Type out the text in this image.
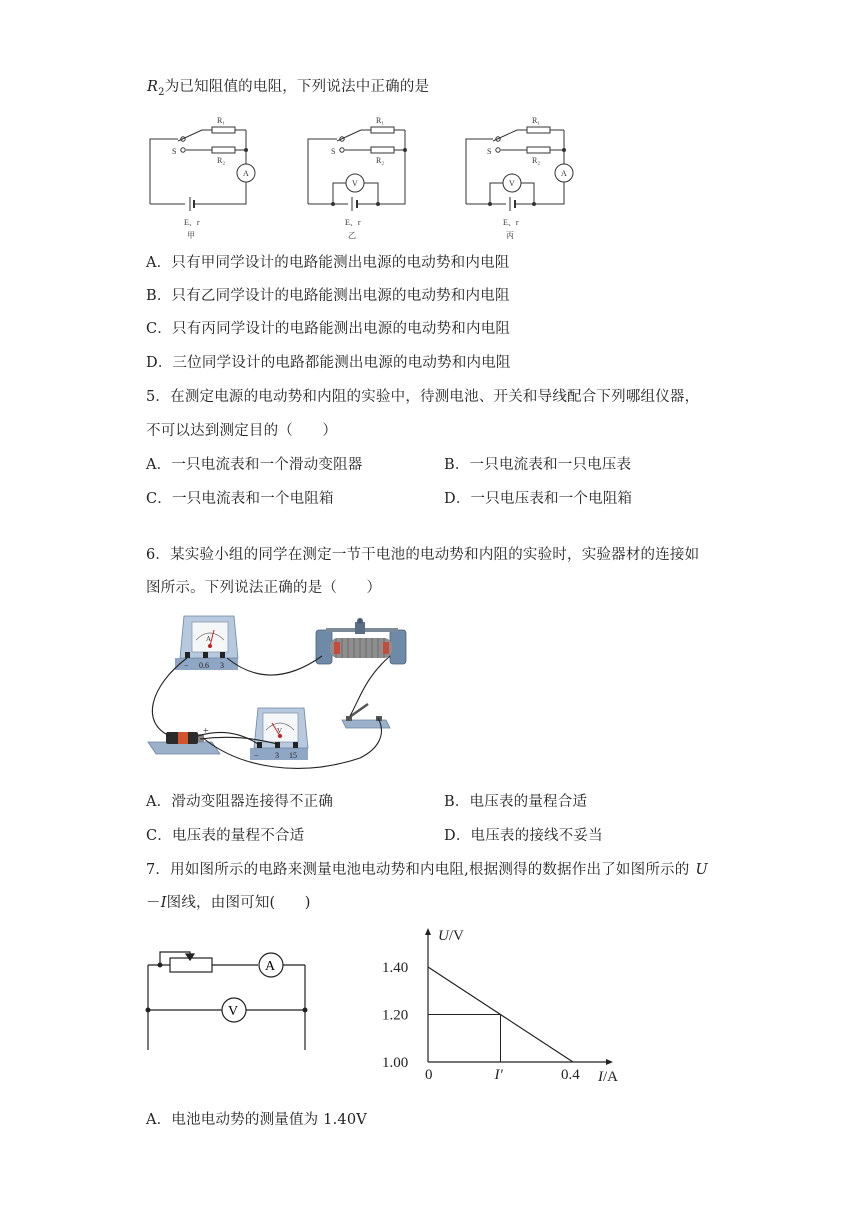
$R_2$为已知阻值的电阻，下列说法中正确的是
R₁
R₂
S
A
E、r
甲
R₁
R₂
S
V
E、r
乙
R₁
R₂
S
A
V
E、r
丙
A．只有甲同学设计的电路能测出电源的电动势和内电阻
B．只有乙同学设计的电路能测出电源的电动势和内电阻
C．只有丙同学设计的电路能测出电源的电动势和内电阻
D．三位同学设计的电路都能测出电源的电动势和内电阻
5．在测定电源的电动势和内阻的实验中，待测电池、开关和导线配合下列哪组仪器，
不可以达到测定目的（　　）
A．一只电流表和一个滑动变阻器	B．一只电流表和一只电压表
C．一只电流表和一个电阻箱	D．一只电压表和一个电阻箱
6．某实验小组的同学在测定一节干电池的电动势和内阻的实验时，实验器材的连接如
图所示。下列说法正确的是（　　）
A
− 0.6 3
V
− 3 15
+
A．滑动变阻器连接得不正确	B．电压表的量程合适
C．电压表的量程不合适	D．电压表的接线不妥当
7．用如图所示的电路来测量电池电动势和内电阻,根据测得的数据作出了如图所示的 U
－I图线，由图可知(　　)
A
V
1.40
1.20
1.00
0	I′	0.4
U/V
I/A
A．电池电动势的测量值为 1.40V
